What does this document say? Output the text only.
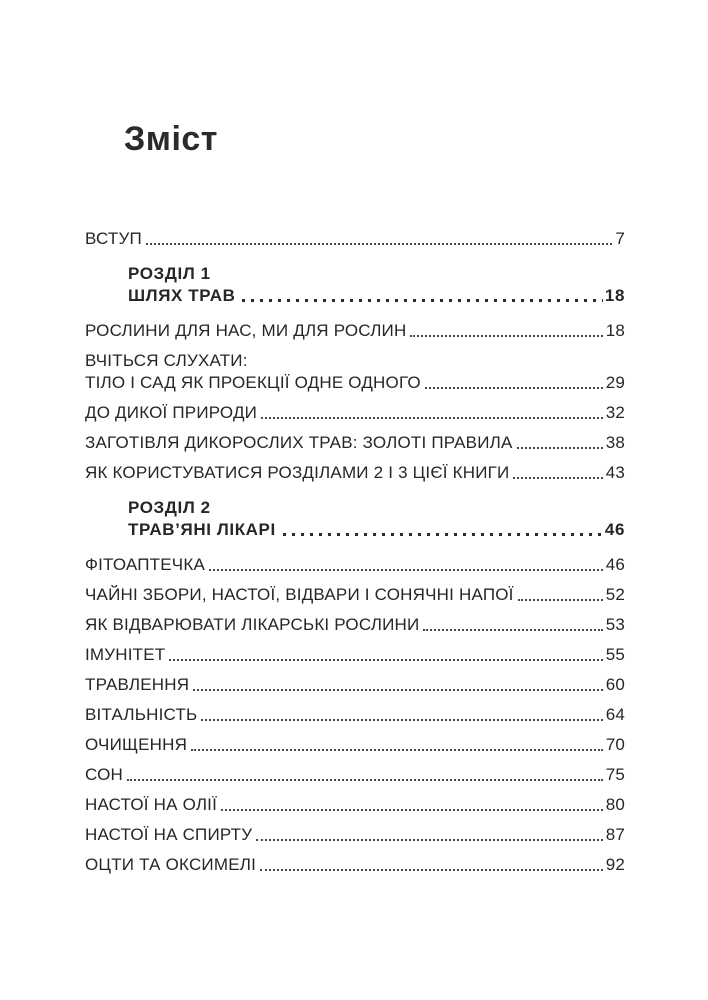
Зміст
ВСТУП	7
РОЗДІЛ 1
ШЛЯХ ТРАВ	18
РОСЛИНИ ДЛЯ НАС, МИ ДЛЯ РОСЛИН	18
ВЧІТЬСЯ СЛУХАТИ:
ТІЛО І САД ЯК ПРОЕКЦІЇ ОДНЕ ОДНОГО	29
ДО ДИКОЇ ПРИРОДИ	32
ЗАГОТІВЛЯ ДИКОРОСЛИХ ТРАВ: ЗОЛОТІ ПРАВИЛА	38
ЯК КОРИСТУВАТИСЯ РОЗДІЛАМИ 2 І 3 ЦІЄЇ КНИГИ	43
РОЗДІЛ 2
ТРАВ’ЯНІ ЛІКАРІ	46
ФІТОАПТЕЧКА	46
ЧАЙНІ ЗБОРИ, НАСТОЇ, ВІДВАРИ І СОНЯЧНІ НАПОЇ	52
ЯК ВІДВАРЮВАТИ ЛІКАРСЬКІ РОСЛИНИ	53
ІМУНІТЕТ	55
ТРАВЛЕННЯ	60
ВІТАЛЬНІСТЬ	64
ОЧИЩЕННЯ	70
СОН	75
НАСТОЇ НА ОЛІЇ	80
НАСТОЇ НА СПИРТУ	87
ОЦТИ ТА ОКСИМЕЛІ	92
